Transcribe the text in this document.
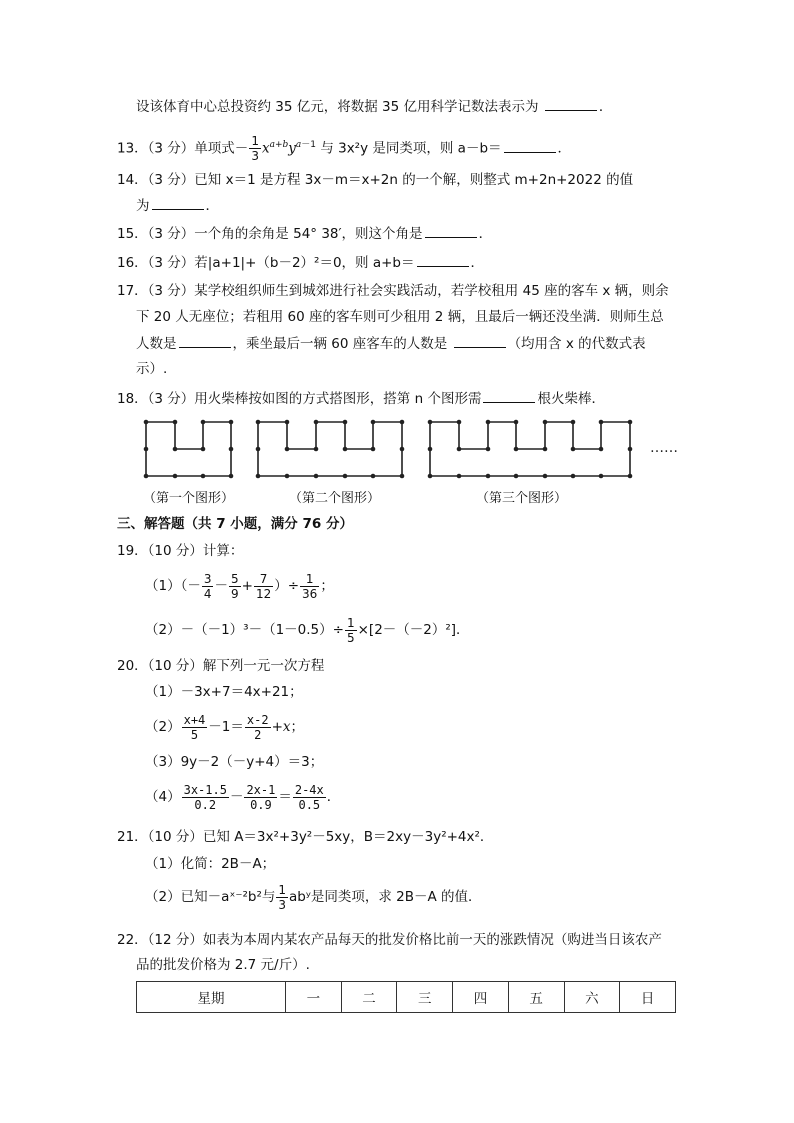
设该体育中心总投资约 35 亿元，将数据 35 亿用科学记数法表示为	．
13．（3 分）单项式－ $\frac{1}{3} x^{a+b}y^{a-1}$ 与 3x²y 是同类项，则 a－b＝	．
14．（3 分）已知 x＝1 是方程 3x－m＝x+2n 的一个解，则整式 m+2n+2022 的值
为	．
15．（3 分）一个角的余角是 54° 38′，则这个角是	．
16．（3 分）若|a+1|+（b－2）²＝0，则 a+b＝	．
17．（3 分）某学校组织师生到城郊进行社会实践活动，若学校租用 45 座的客车 x 辆，则余
下 20 人无座位；若租用 60 座的客车则可少租用 2 辆，且最后一辆还没坐满．则师生总
人数是	，乘坐最后一辆 60 座客车的人数是	（均用含 x 的代数式表
示）.
18．（3 分）用火柴棒按如图的方式搭图形，搭第 n 个图形需	根火柴棒．
……
（第一个图形）	（第二个图形）	（第三个图形）
三、解答题（共 7 小题，满分 76 分）
19．（10 分）计算：
$(1)(- \frac{3}{4} - \frac{5}{9} + \frac{7}{12}$ ）÷ $\frac{1}{36}$ ；
$(2)-(-1)^3-(1-0.5)\div \frac{1}{5} \times[2-(-2)^2]$．
20．（10 分）解下列一元一次方程
（1）－3x+7＝4x+21；
$(2) \frac{x+4}{5} -1= \frac{x-2}{2} +x$；
（3）9y－2（－y+4）＝3；
$(4) \frac{3x-1.5}{0.2} - \frac{2x-1}{0.9} = \frac{2-4x}{0.5}$ ．
21．（10 分）已知 A＝3x²+3y²－5xy，B＝2xy－3y²+4x²．
（1）化简：2B－A；
（2）已知－aˣ⁻²b²与 $\frac{1}{3}$ abʸ是同类项，求 2B－A 的值．
22．（12 分）如表为本周内某农产品每天的批发价格比前一天的涨跌情况（购进当日该农产
品的批发价格为 2.7 元/斤）.
星期	一	二	三	四	五	六	日
